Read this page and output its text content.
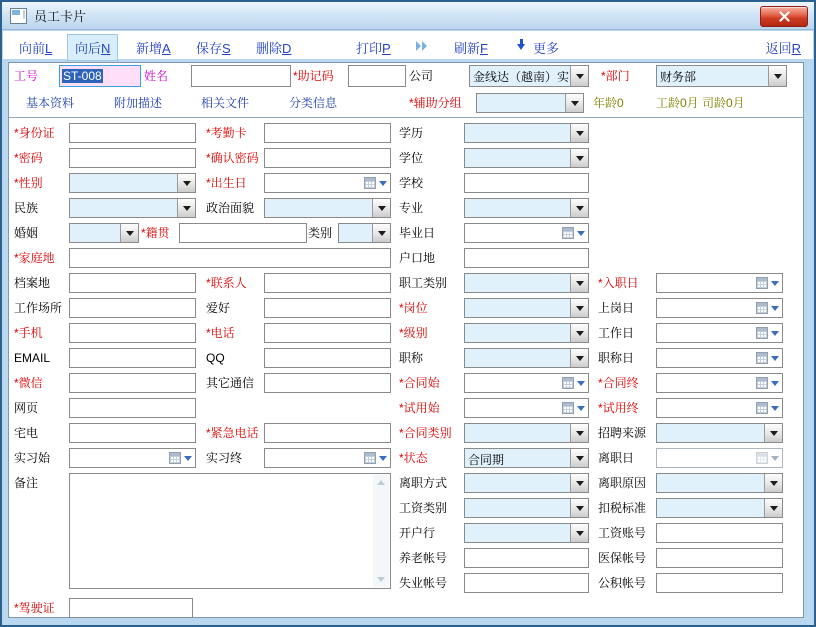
员工卡片
向前L	向后N	新增A 保存S 删除D	打印P	刷新F	更多	返回R
工号 ST-008	姓名	*助记码	公司	金线达（越南）实	*部门	财务部
基本资料	附加描述	相关文件	分类信息	*辅助分组	年龄0	工龄0月 司龄0月
*身份证	*考勤卡	学历
*密码	*确认密码	学位
*性别	*出生日	学校
民族	政治面貌	专业
婚姻	*籍贯	类别	毕业日
*家庭地	户口地
档案地	*联系人	职工类别	*入职日
工作场所	爱好	*岗位	上岗日
*手机	*电话	*级别	工作日
EMAIL	QQ	职称	职称日
*微信	其它通信	*合同始	*合同终
网页	*试用始	*试用终
宅电	*紧急电话	*合同类别	招聘来源
实习始	实习终	*状态	合同期	离职日
备注	离职方式	离职原因
工资类别	扣税标准
开户行	工资账号
养老帐号	医保帐号
失业帐号	公积帐号
*驾驶证
